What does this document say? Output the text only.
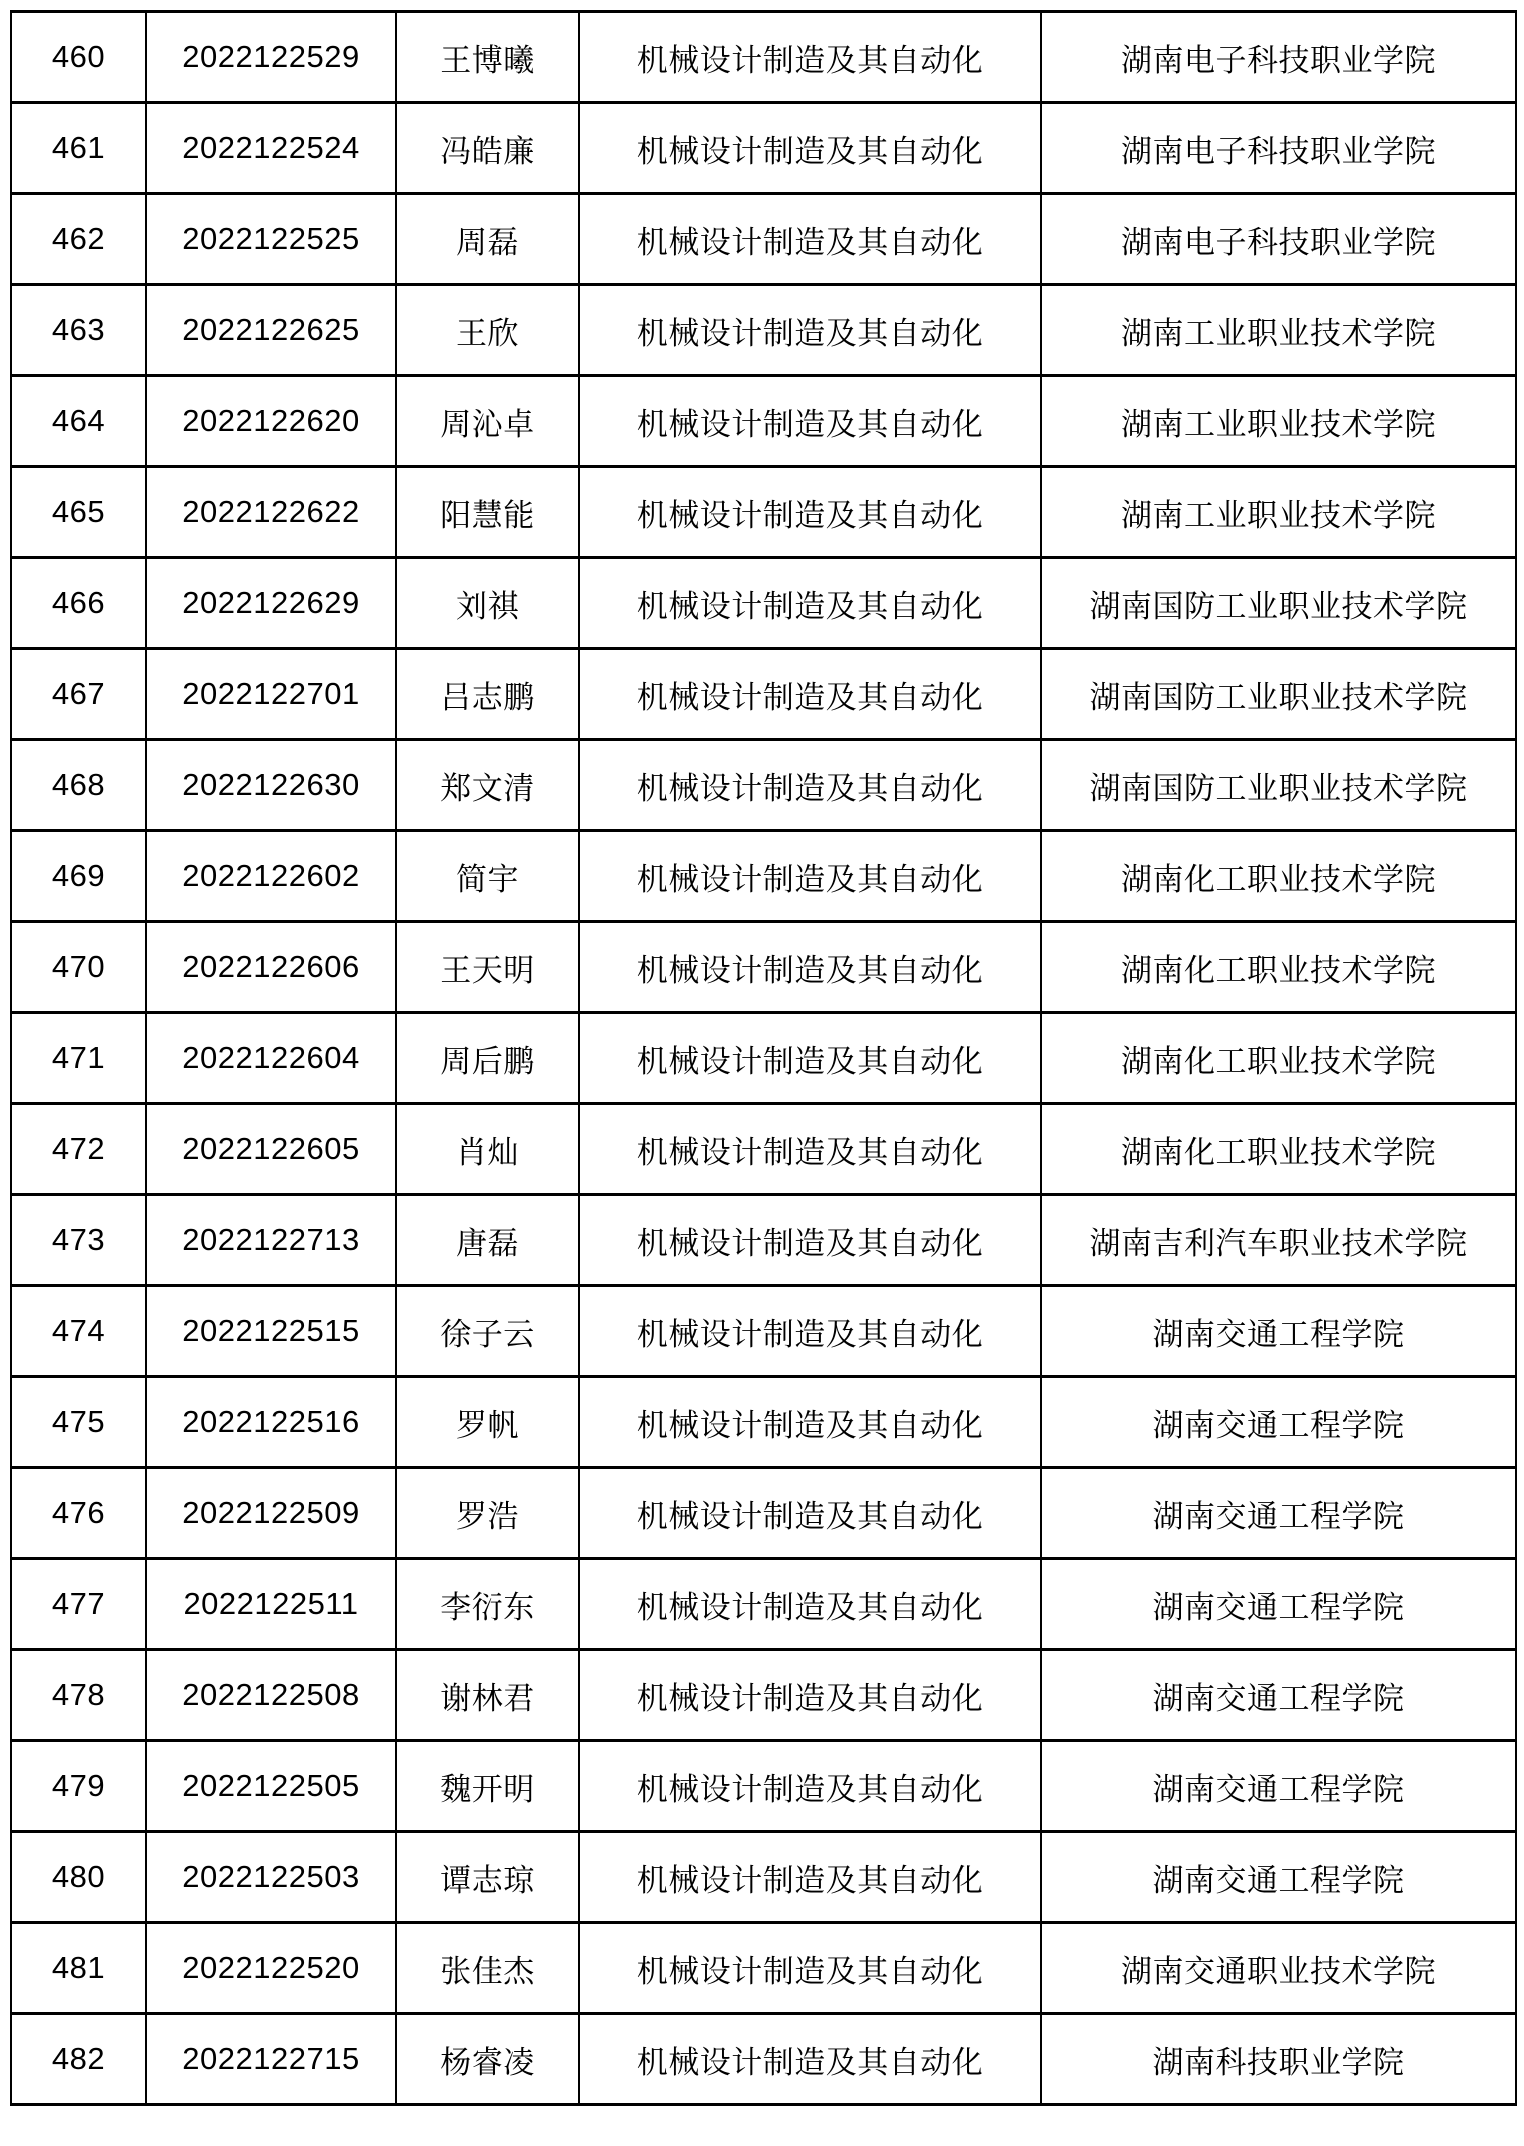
460	2022122529	王博曦	机械设计制造及其自动化	湖南电子科技职业学院
461	2022122524	冯皓廉	机械设计制造及其自动化	湖南电子科技职业学院
462	2022122525	周磊	机械设计制造及其自动化	湖南电子科技职业学院
463	2022122625	王欣	机械设计制造及其自动化	湖南工业职业技术学院
464	2022122620	周沁卓	机械设计制造及其自动化	湖南工业职业技术学院
465	2022122622	阳慧能	机械设计制造及其自动化	湖南工业职业技术学院
466	2022122629	刘祺	机械设计制造及其自动化	湖南国防工业职业技术学院
467	2022122701	吕志鹏	机械设计制造及其自动化	湖南国防工业职业技术学院
468	2022122630	郑文清	机械设计制造及其自动化	湖南国防工业职业技术学院
469	2022122602	简宇	机械设计制造及其自动化	湖南化工职业技术学院
470	2022122606	王天明	机械设计制造及其自动化	湖南化工职业技术学院
471	2022122604	周后鹏	机械设计制造及其自动化	湖南化工职业技术学院
472	2022122605	肖灿	机械设计制造及其自动化	湖南化工职业技术学院
473	2022122713	唐磊	机械设计制造及其自动化	湖南吉利汽车职业技术学院
474	2022122515	徐子云	机械设计制造及其自动化	湖南交通工程学院
475	2022122516	罗帆	机械设计制造及其自动化	湖南交通工程学院
476	2022122509	罗浩	机械设计制造及其自动化	湖南交通工程学院
477	2022122511	李衍东	机械设计制造及其自动化	湖南交通工程学院
478	2022122508	谢林君	机械设计制造及其自动化	湖南交通工程学院
479	2022122505	魏开明	机械设计制造及其自动化	湖南交通工程学院
480	2022122503	谭志琼	机械设计制造及其自动化	湖南交通工程学院
481	2022122520	张佳杰	机械设计制造及其自动化	湖南交通职业技术学院
482	2022122715	杨睿凌	机械设计制造及其自动化	湖南科技职业学院
